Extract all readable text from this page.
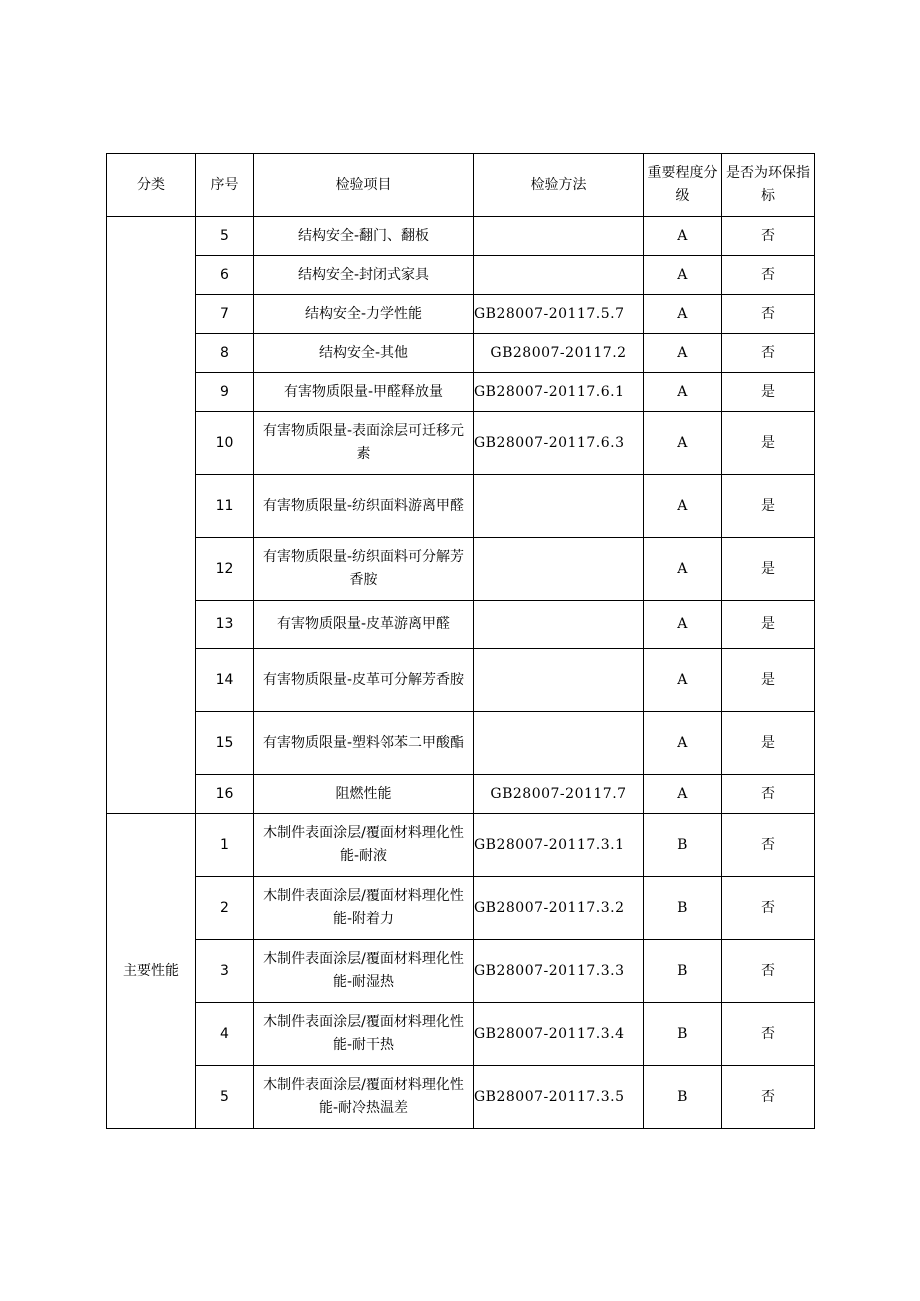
分类	序号	检验项目	检验方法	重要程度分级	是否为环保指标
	5	结构安全-翻门、翻板		A	否
	6	结构安全-封闭式家具		A	否
	7	结构安全-力学性能	GB28007-20117.5.7	A	否
	8	结构安全-其他	GB28007-20117.2	A	否
	9	有害物质限量-甲醛释放量	GB28007-20117.6.1	A	是
	10	有害物质限量-表面涂层可迁移元素	GB28007-20117.6.3	A	是
	11	有害物质限量-纺织面料游离甲醛		A	是
	12	有害物质限量-纺织面料可分解芳香胺		A	是
	13	有害物质限量-皮革游离甲醛		A	是
	14	有害物质限量-皮革可分解芳香胺		A	是
	15	有害物质限量-塑料邻苯二甲酸酯		A	是
	16	阻燃性能	GB28007-20117.7	A	否
主要性能	1	木制件表面涂层/覆面材料理化性能-耐液	GB28007-20117.3.1	B	否
	2	木制件表面涂层/覆面材料理化性能-附着力	GB28007-20117.3.2	B	否
	3	木制件表面涂层/覆面材料理化性能-耐湿热	GB28007-20117.3.3	B	否
	4	木制件表面涂层/覆面材料理化性能-耐干热	GB28007-20117.3.4	B	否
	5	木制件表面涂层/覆面材料理化性能-耐冷热温差	GB28007-20117.3.5	B	否
